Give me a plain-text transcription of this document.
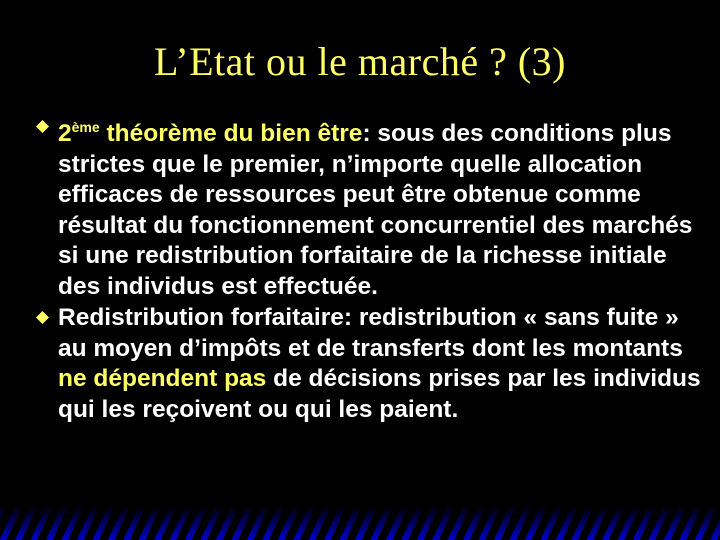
L’Etat ou le marché ? (3)
2ème théorème du bien être: sous des conditions plus strictes que le premier, n’importe quelle allocation efficaces de ressources peut être obtenue comme résultat du fonctionnement concurrentiel des marchés si une redistribution forfaitaire de la richesse initiale des individus est effectuée.
Redistribution forfaitaire: redistribution « sans fuite » au moyen d’impôts et de transferts dont les montants ne dépendent pas de décisions prises par les individus qui les reçoivent ou qui les paient.
